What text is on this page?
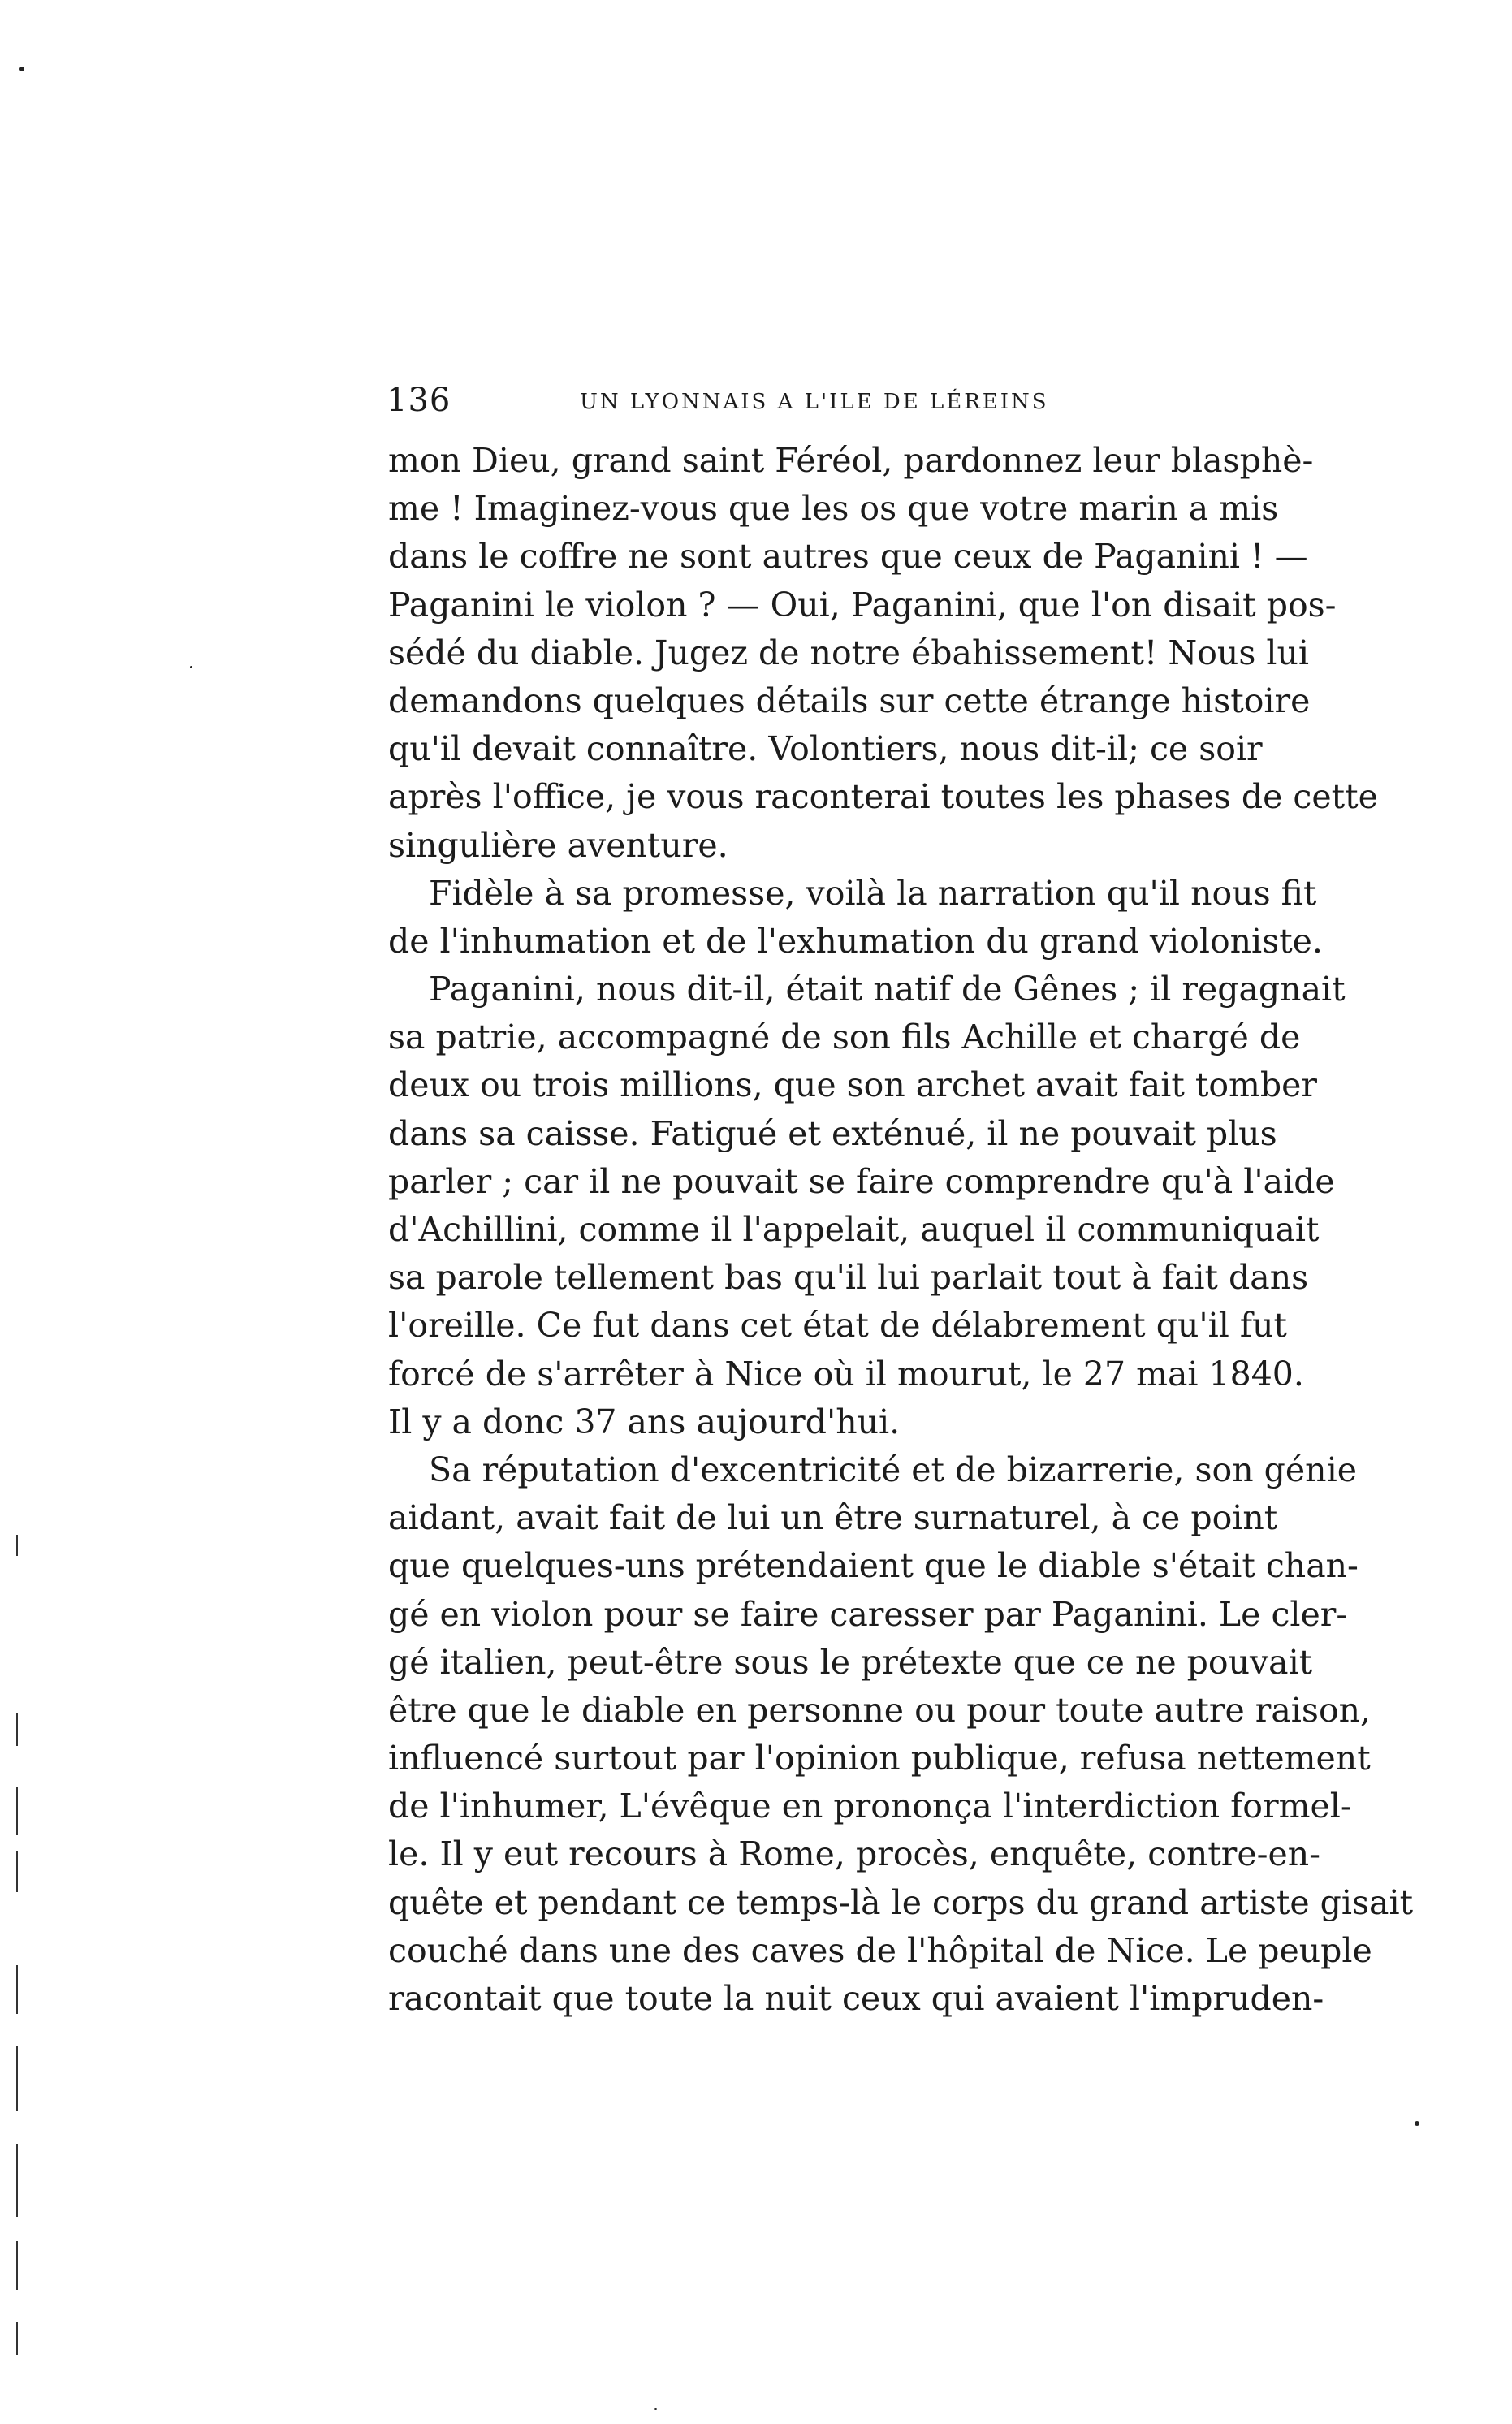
136	UN LYONNAIS A L'ILE DE LÉREINS
mon Dieu, grand saint Féréol, pardonnez leur blasphè-
me ! Imaginez-vous que les os que votre marin a mis
dans le coffre ne sont autres que ceux de Paganini ! —
Paganini le violon ? — Oui, Paganini, que l'on disait pos-
sédé du diable. Jugez de notre ébahissement! Nous lui
demandons quelques détails sur cette étrange histoire
qu'il devait connaître. Volontiers, nous dit-il; ce soir
après l'office, je vous raconterai toutes les phases de cette
singulière aventure.
Fidèle à sa promesse, voilà la narration qu'il nous fit
de l'inhumation et de l'exhumation du grand violoniste.
Paganini, nous dit-il, était natif de Gênes ; il regagnait
sa patrie, accompagné de son fils Achille et chargé de
deux ou trois millions, que son archet avait fait tomber
dans sa caisse. Fatigué et exténué, il ne pouvait plus
parler ; car il ne pouvait se faire comprendre qu'à l'aide
d'Achillini, comme il l'appelait, auquel il communiquait
sa parole tellement bas qu'il lui parlait tout à fait dans
l'oreille. Ce fut dans cet état de délabrement qu'il fut
forcé de s'arrêter à Nice où il mourut, le 27 mai 1840.
Il y a donc 37 ans aujourd'hui.
Sa réputation d'excentricité et de bizarrerie, son génie
aidant, avait fait de lui un être surnaturel, à ce point
que quelques-uns prétendaient que le diable s'était chan-
gé en violon pour se faire caresser par Paganini. Le cler-
gé italien, peut-être sous le prétexte que ce ne pouvait
être que le diable en personne ou pour toute autre raison,
influencé surtout par l'opinion publique, refusa nettement
de l'inhumer, L'évêque en prononça l'interdiction formel-
le. Il y eut recours à Rome, procès, enquête, contre-en-
quête et pendant ce temps-là le corps du grand artiste gisait
couché dans une des caves de l'hôpital de Nice. Le peuple
racontait que toute la nuit ceux qui avaient l'impruden-
